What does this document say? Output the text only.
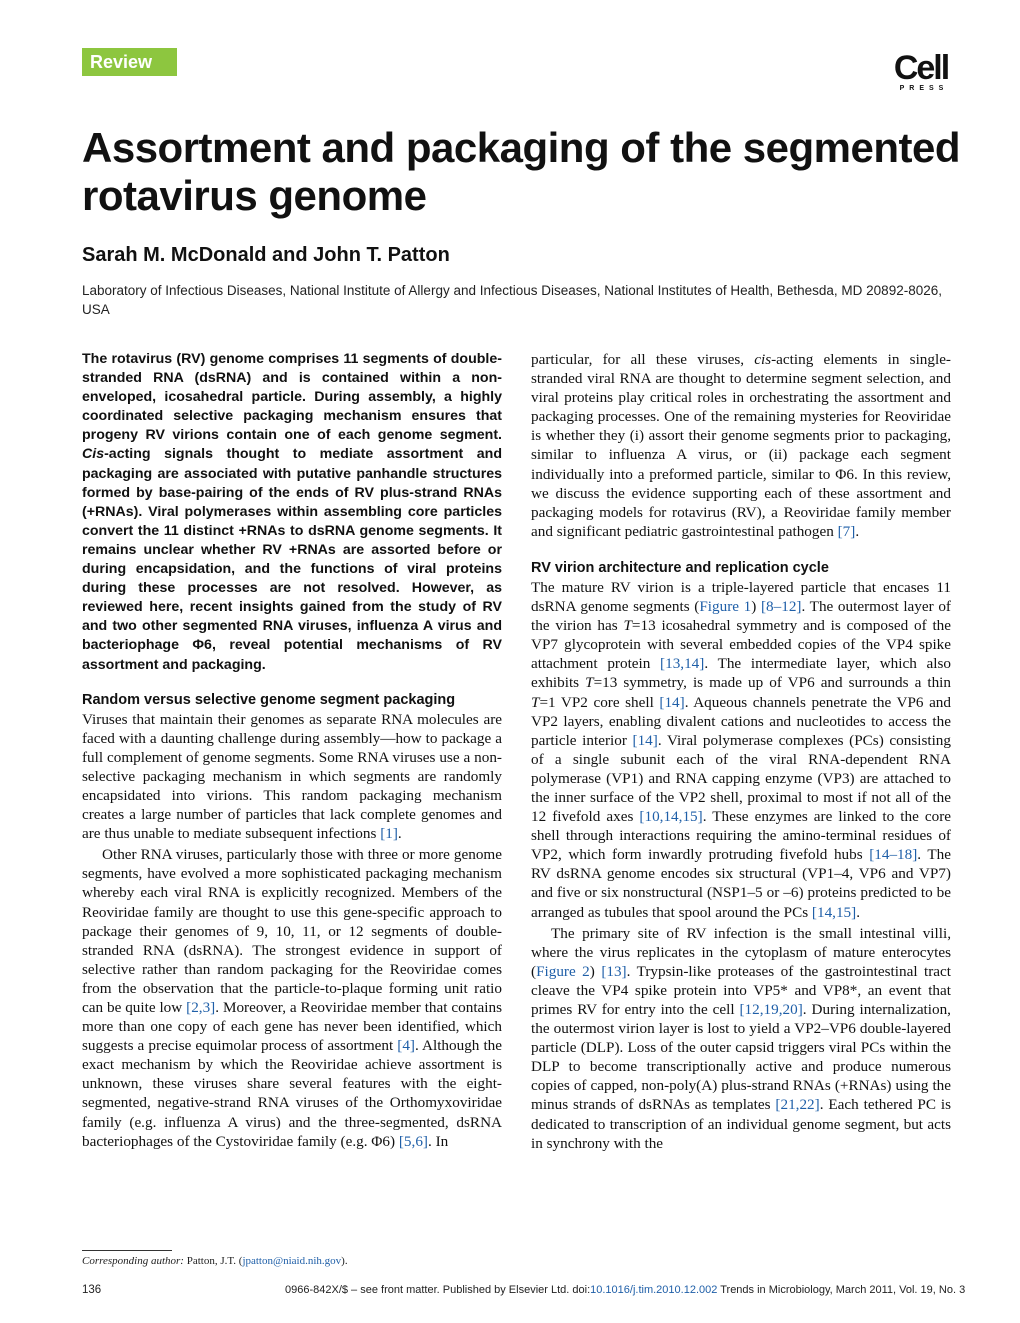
Review	Cell
PRESS
Assortment and packaging of the segmented rotavirus genome
Sarah M. McDonald and John T. Patton
Laboratory of Infectious Diseases, National Institute of Allergy and Infectious Diseases, National Institutes of Health, Bethesda, MD 20892-8026, USA

The rotavirus (RV) genome comprises 11 segments of double-stranded RNA (dsRNA) and is contained within a non-enveloped, icosahedral particle. During assembly, a highly coordinated selective packaging mechanism ensures that progeny RV virions contain one of each genome segment. Cis-acting signals thought to mediate assortment and packaging are associated with putative panhandle structures formed by base-pairing of the ends of RV plus-strand RNAs (+RNAs). Viral polymerases within assembling core particles convert the 11 distinct +RNAs to dsRNA genome segments. It remains unclear whether RV +RNAs are assorted before or during encapsidation, and the functions of viral proteins during these processes are not resolved. However, as reviewed here, recent insights gained from the study of RV and two other segmented RNA viruses, influenza A virus and bacteriophage Φ6, reveal potential mechanisms of RV assortment and packaging.

Random versus selective genome segment packaging

Viruses that maintain their genomes as separate RNA molecules are faced with a daunting challenge during assembly—how to package a full complement of genome segments. Some RNA viruses use a non-selective packaging mechanism in which segments are randomly encapsidated into virions. This random packaging mechanism creates a large number of particles that lack complete genomes and are thus unable to mediate subsequent infections [1].

Other RNA viruses, particularly those with three or more genome segments, have evolved a more sophisticated packaging mechanism whereby each viral RNA is explicitly recognized. Members of the Reoviridae family are thought to use this gene-specific approach to package their genomes of 9, 10, 11, or 12 segments of double-stranded RNA (dsRNA). The strongest evidence in support of selective rather than random packaging for the Reoviridae comes from the observation that the particle-to-plaque forming unit ratio can be quite low [2,3]. Moreover, a Reoviridae member that contains more than one copy of each gene has never been identified, which suggests a precise equimolar process of assortment [4]. Although the exact mechanism by which the Reoviridae achieve assortment is unknown, these viruses share several features with the eight-segmented, negative-strand RNA viruses of the Orthomyxoviridae family (e.g. influenza A virus) and the three-segmented, dsRNA bacteriophages of the Cystoviridae family (e.g. Φ6) [5,6]. In

particular, for all these viruses, cis-acting elements in single-stranded viral RNA are thought to determine segment selection, and viral proteins play critical roles in orchestrating the assortment and packaging processes. One of the remaining mysteries for Reoviridae is whether they (i) assort their genome segments prior to packaging, similar to influenza A virus, or (ii) package each segment individually into a preformed particle, similar to Φ6. In this review, we discuss the evidence supporting each of these assortment and packaging models for rotavirus (RV), a Reoviridae family member and significant pediatric gastrointestinal pathogen [7].

RV virion architecture and replication cycle

The mature RV virion is a triple-layered particle that encases 11 dsRNA genome segments (Figure 1) [8–12]. The outermost layer of the virion has T=13 icosahedral symmetry and is composed of the VP7 glycoprotein with several embedded copies of the VP4 spike attachment protein [13,14]. The intermediate layer, which also exhibits T=13 symmetry, is made up of VP6 and surrounds a thin T=1 VP2 core shell [14]. Aqueous channels penetrate the VP6 and VP2 layers, enabling divalent cations and nucleotides to access the particle interior [14]. Viral polymerase complexes (PCs) consisting of a single subunit each of the viral RNA-dependent RNA polymerase (VP1) and RNA capping enzyme (VP3) are attached to the inner surface of the VP2 shell, proximal to most if not all of the 12 fivefold axes [10,14,15]. These enzymes are linked to the core shell through interactions requiring the amino-terminal residues of VP2, which form inwardly protruding fivefold hubs [14–18]. The RV dsRNA genome encodes six structural (VP1–4, VP6 and VP7) and five or six nonstructural (NSP1–5 or –6) proteins predicted to be arranged as tubules that spool around the PCs [14,15].

The primary site of RV infection is the small intestinal villi, where the virus replicates in the cytoplasm of mature enterocytes (Figure 2) [13]. Trypsin-like proteases of the gastrointestinal tract cleave the VP4 spike protein into VP5* and VP8*, an event that primes RV for entry into the cell [12,19,20]. During internalization, the outermost virion layer is lost to yield a VP2–VP6 double-layered particle (DLP). Loss of the outer capsid triggers viral PCs within the DLP to become transcriptionally active and produce numerous copies of capped, non-poly(A) plus-strand RNAs (+RNAs) using the minus strands of dsRNAs as templates [21,22]. Each tethered PC is dedicated to transcription of an individual genome segment, but acts in synchrony with the

Corresponding author: Patton, J.T. (jpatton@niaid.nih.gov).
136	0966-842X/$ – see front matter. Published by Elsevier Ltd. doi:10.1016/j.tim.2010.12.002 Trends in Microbiology, March 2011, Vol. 19, No. 3
